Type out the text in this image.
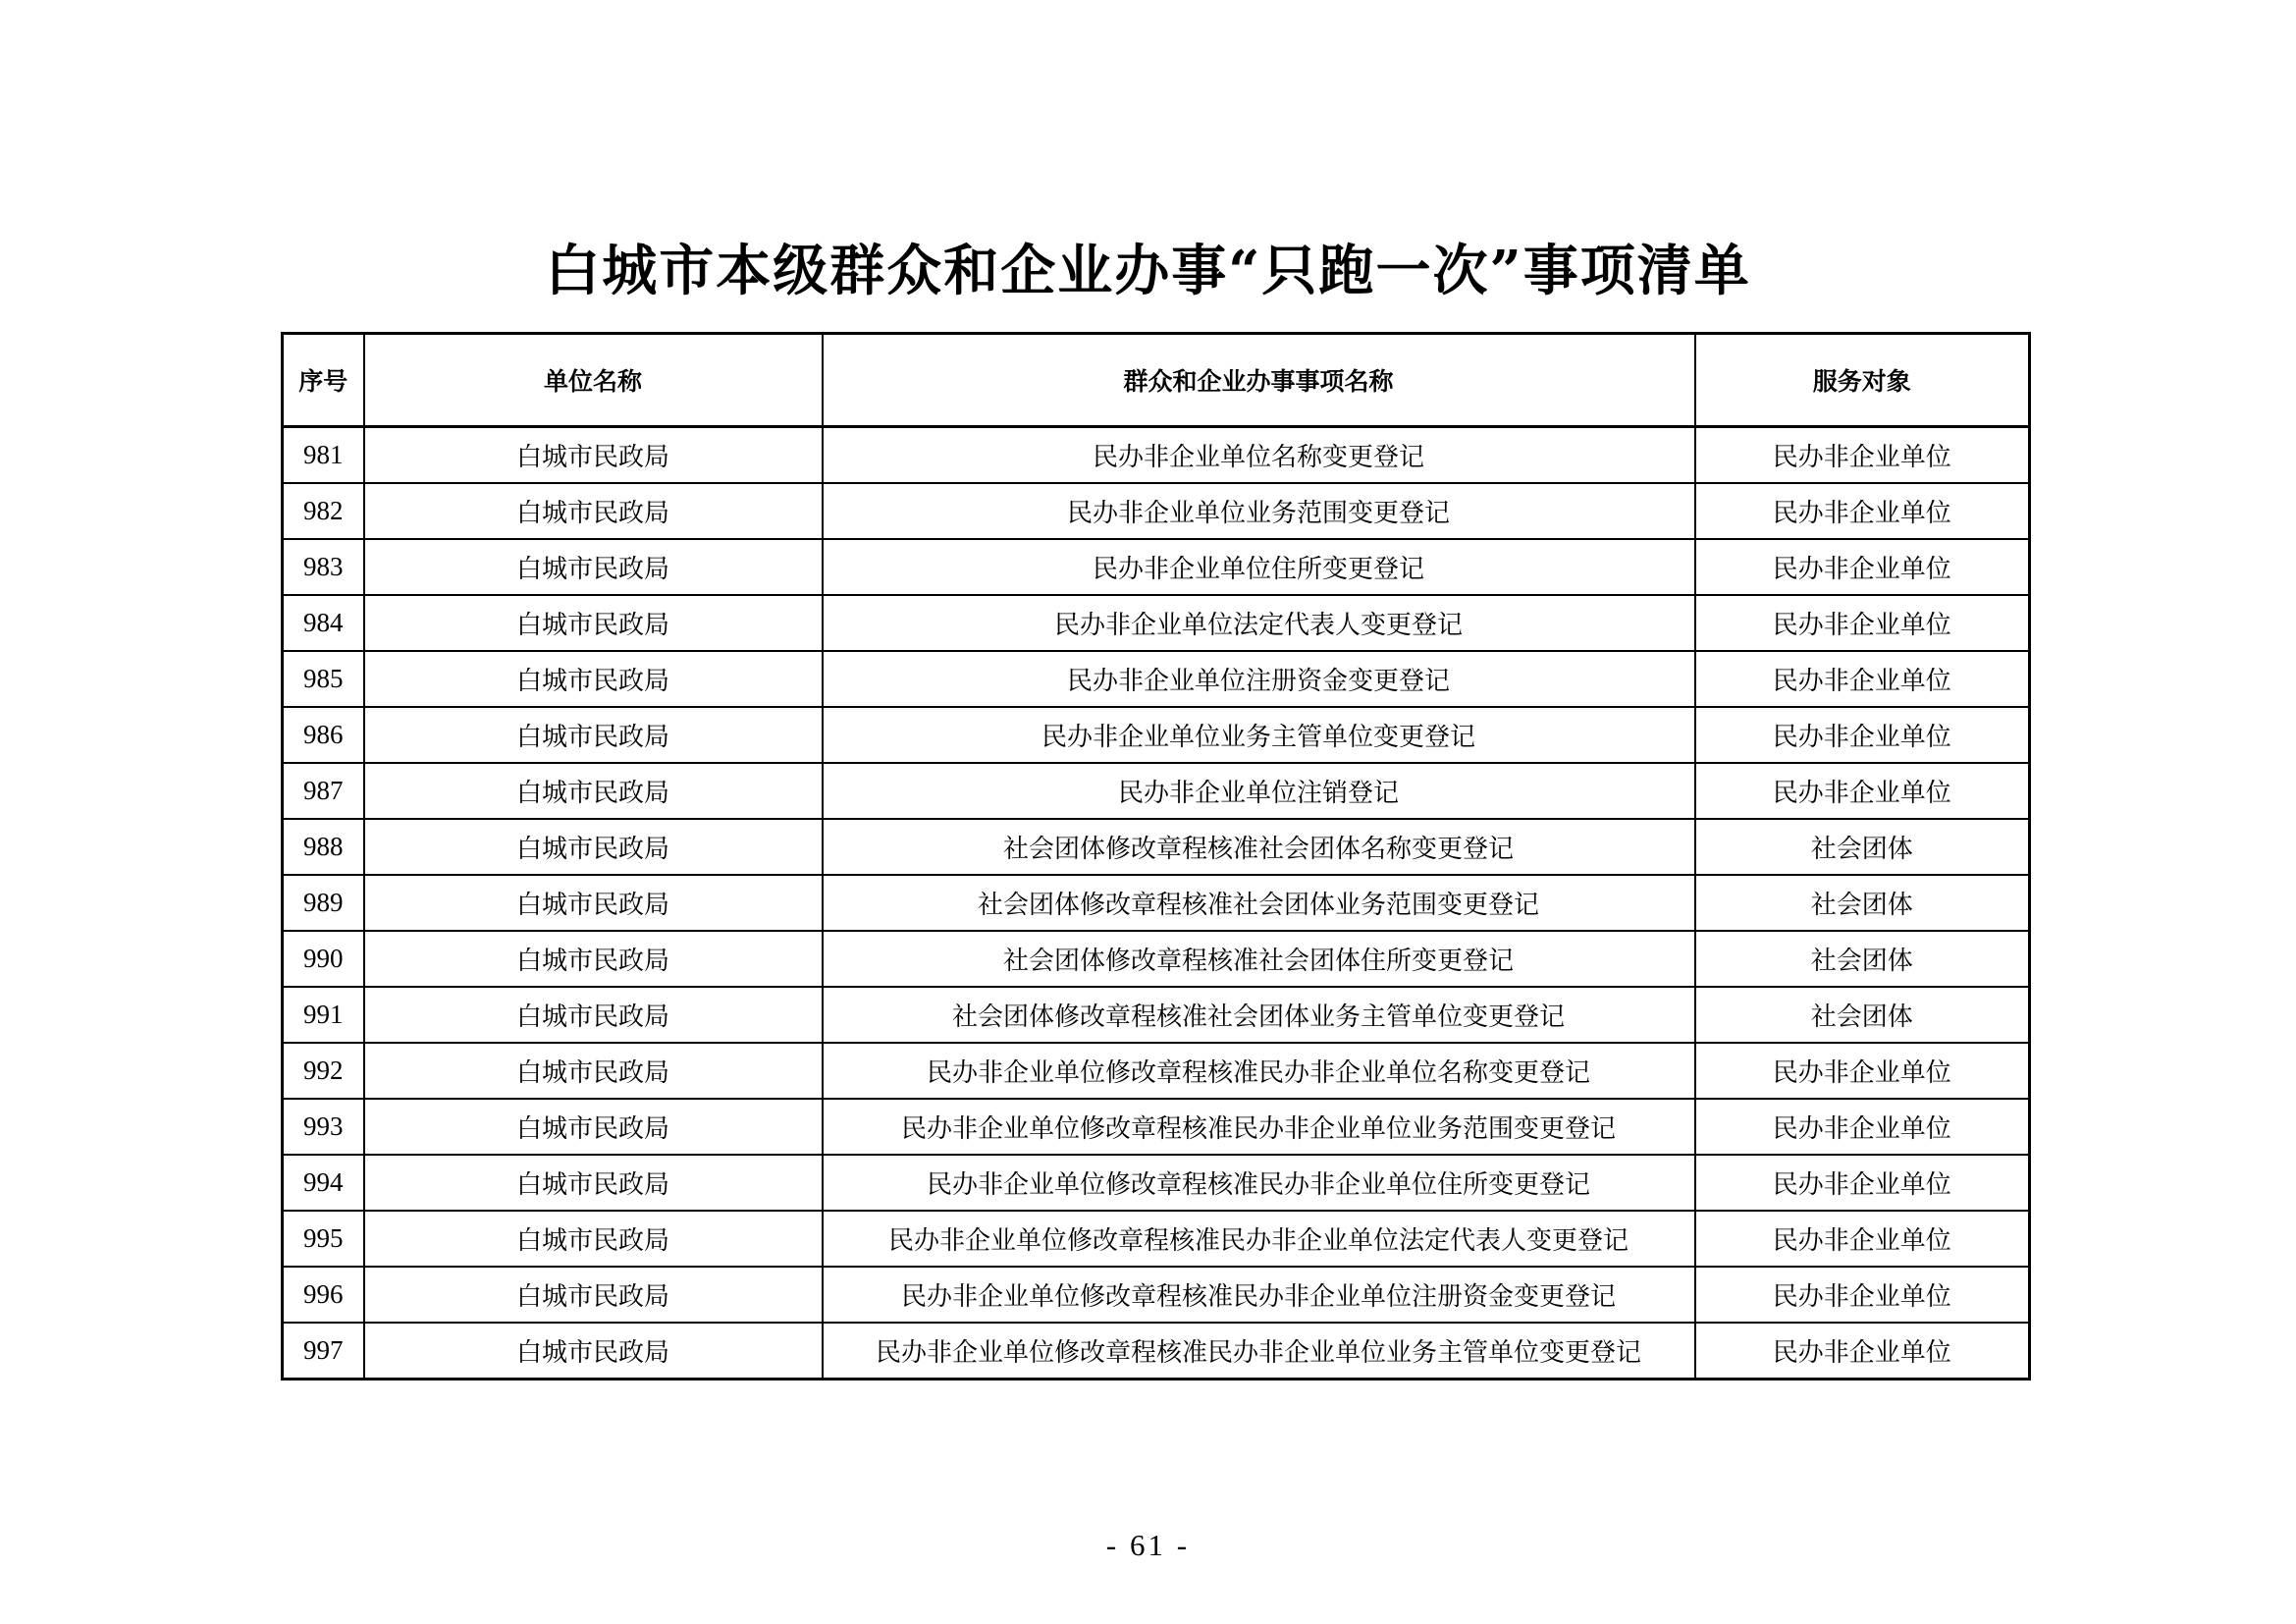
白城市本级群众和企业办事“只跑一次”事项清单
序号	单位名称	群众和企业办事事项名称	服务对象
981	白城市民政局	民办非企业单位名称变更登记	民办非企业单位
982	白城市民政局	民办非企业单位业务范围变更登记	民办非企业单位
983	白城市民政局	民办非企业单位住所变更登记	民办非企业单位
984	白城市民政局	民办非企业单位法定代表人变更登记	民办非企业单位
985	白城市民政局	民办非企业单位注册资金变更登记	民办非企业单位
986	白城市民政局	民办非企业单位业务主管单位变更登记	民办非企业单位
987	白城市民政局	民办非企业单位注销登记	民办非企业单位
988	白城市民政局	社会团体修改章程核准社会团体名称变更登记	社会团体
989	白城市民政局	社会团体修改章程核准社会团体业务范围变更登记	社会团体
990	白城市民政局	社会团体修改章程核准社会团体住所变更登记	社会团体
991	白城市民政局	社会团体修改章程核准社会团体业务主管单位变更登记	社会团体
992	白城市民政局	民办非企业单位修改章程核准民办非企业单位名称变更登记	民办非企业单位
993	白城市民政局	民办非企业单位修改章程核准民办非企业单位业务范围变更登记	民办非企业单位
994	白城市民政局	民办非企业单位修改章程核准民办非企业单位住所变更登记	民办非企业单位
995	白城市民政局	民办非企业单位修改章程核准民办非企业单位法定代表人变更登记	民办非企业单位
996	白城市民政局	民办非企业单位修改章程核准民办非企业单位注册资金变更登记	民办非企业单位
997	白城市民政局	民办非企业单位修改章程核准民办非企业单位业务主管单位变更登记	民办非企业单位
- 61 -
